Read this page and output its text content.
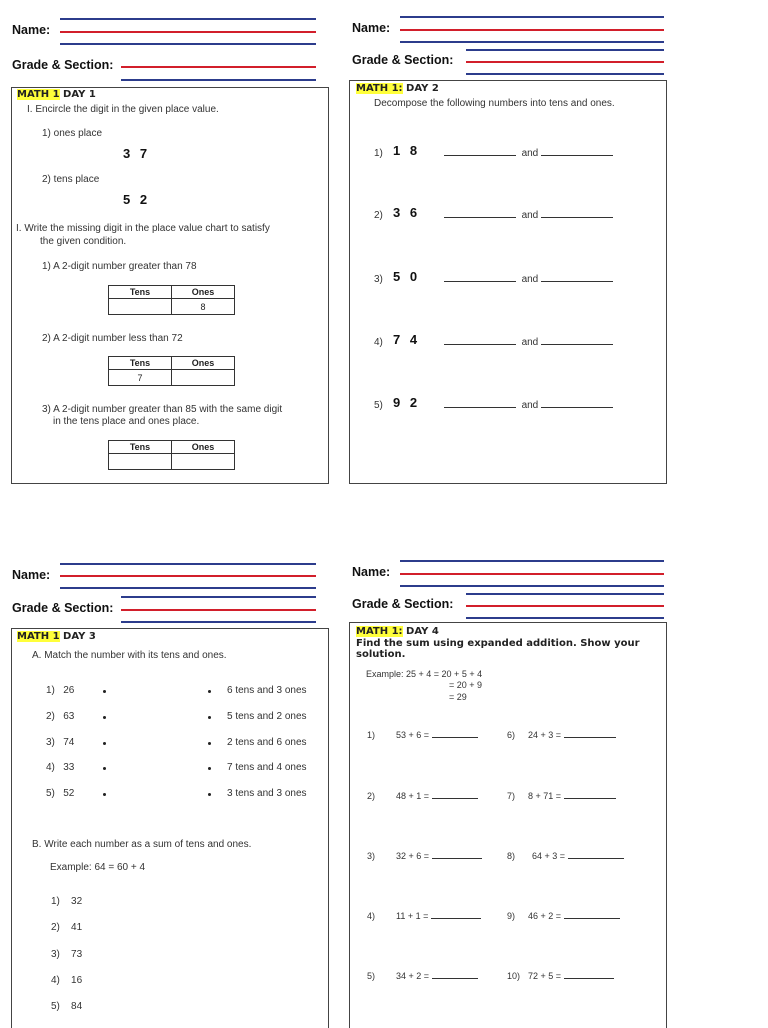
Name:
Grade & Section:
MATH 1 DAY 1
I. Encircle the digit in the given place value.
1) ones place
3 7
2) tens place
5 2
I. Write the missing digit in the place value chart to satisfy
the given condition.
1) A 2-digit number greater than 78
Tens	Ones
	8
2) A 2-digit number less than 72
Tens	Ones
7	
3) A 2-digit number greater than 85 with the same digit
in the tens place and ones place.
Tens	Ones

Name:
Grade & Section:
MATH 1: DAY 2
Decompose the following numbers into tens and ones.
1) 1 8	and
2) 3 6	and
3) 5 0	and
4) 7 4	and
5) 9 2	and
Name:
Grade & Section:
MATH 1 DAY 3
A. Match the number with its tens and ones.
1) 26	6 tens and 3 ones
2) 63	5 tens and 2 ones
3) 74	2 tens and 6 ones
4) 33	7 tens and 4 ones
5) 52	3 tens and 3 ones
B. Write each number as a sum of tens and ones.
Example: 64 = 60 + 4
1) 32
2) 41
3) 73
4) 16
5) 84
Name:
Grade & Section:
MATH 1: DAY 4
Find the sum using expanded addition. Show your solution.
Example: 25 + 4 = 20 + 5 + 4
= 20 + 9
= 29
1) 53 + 6 =	6) 24 + 3 =
2) 48 + 1 =	7) 8 + 71 =
3) 32 + 6 =	8) 64 + 3 =
4) 11 + 1 =	9) 46 + 2 =
5) 34 + 2 =	10) 72 + 5 =
